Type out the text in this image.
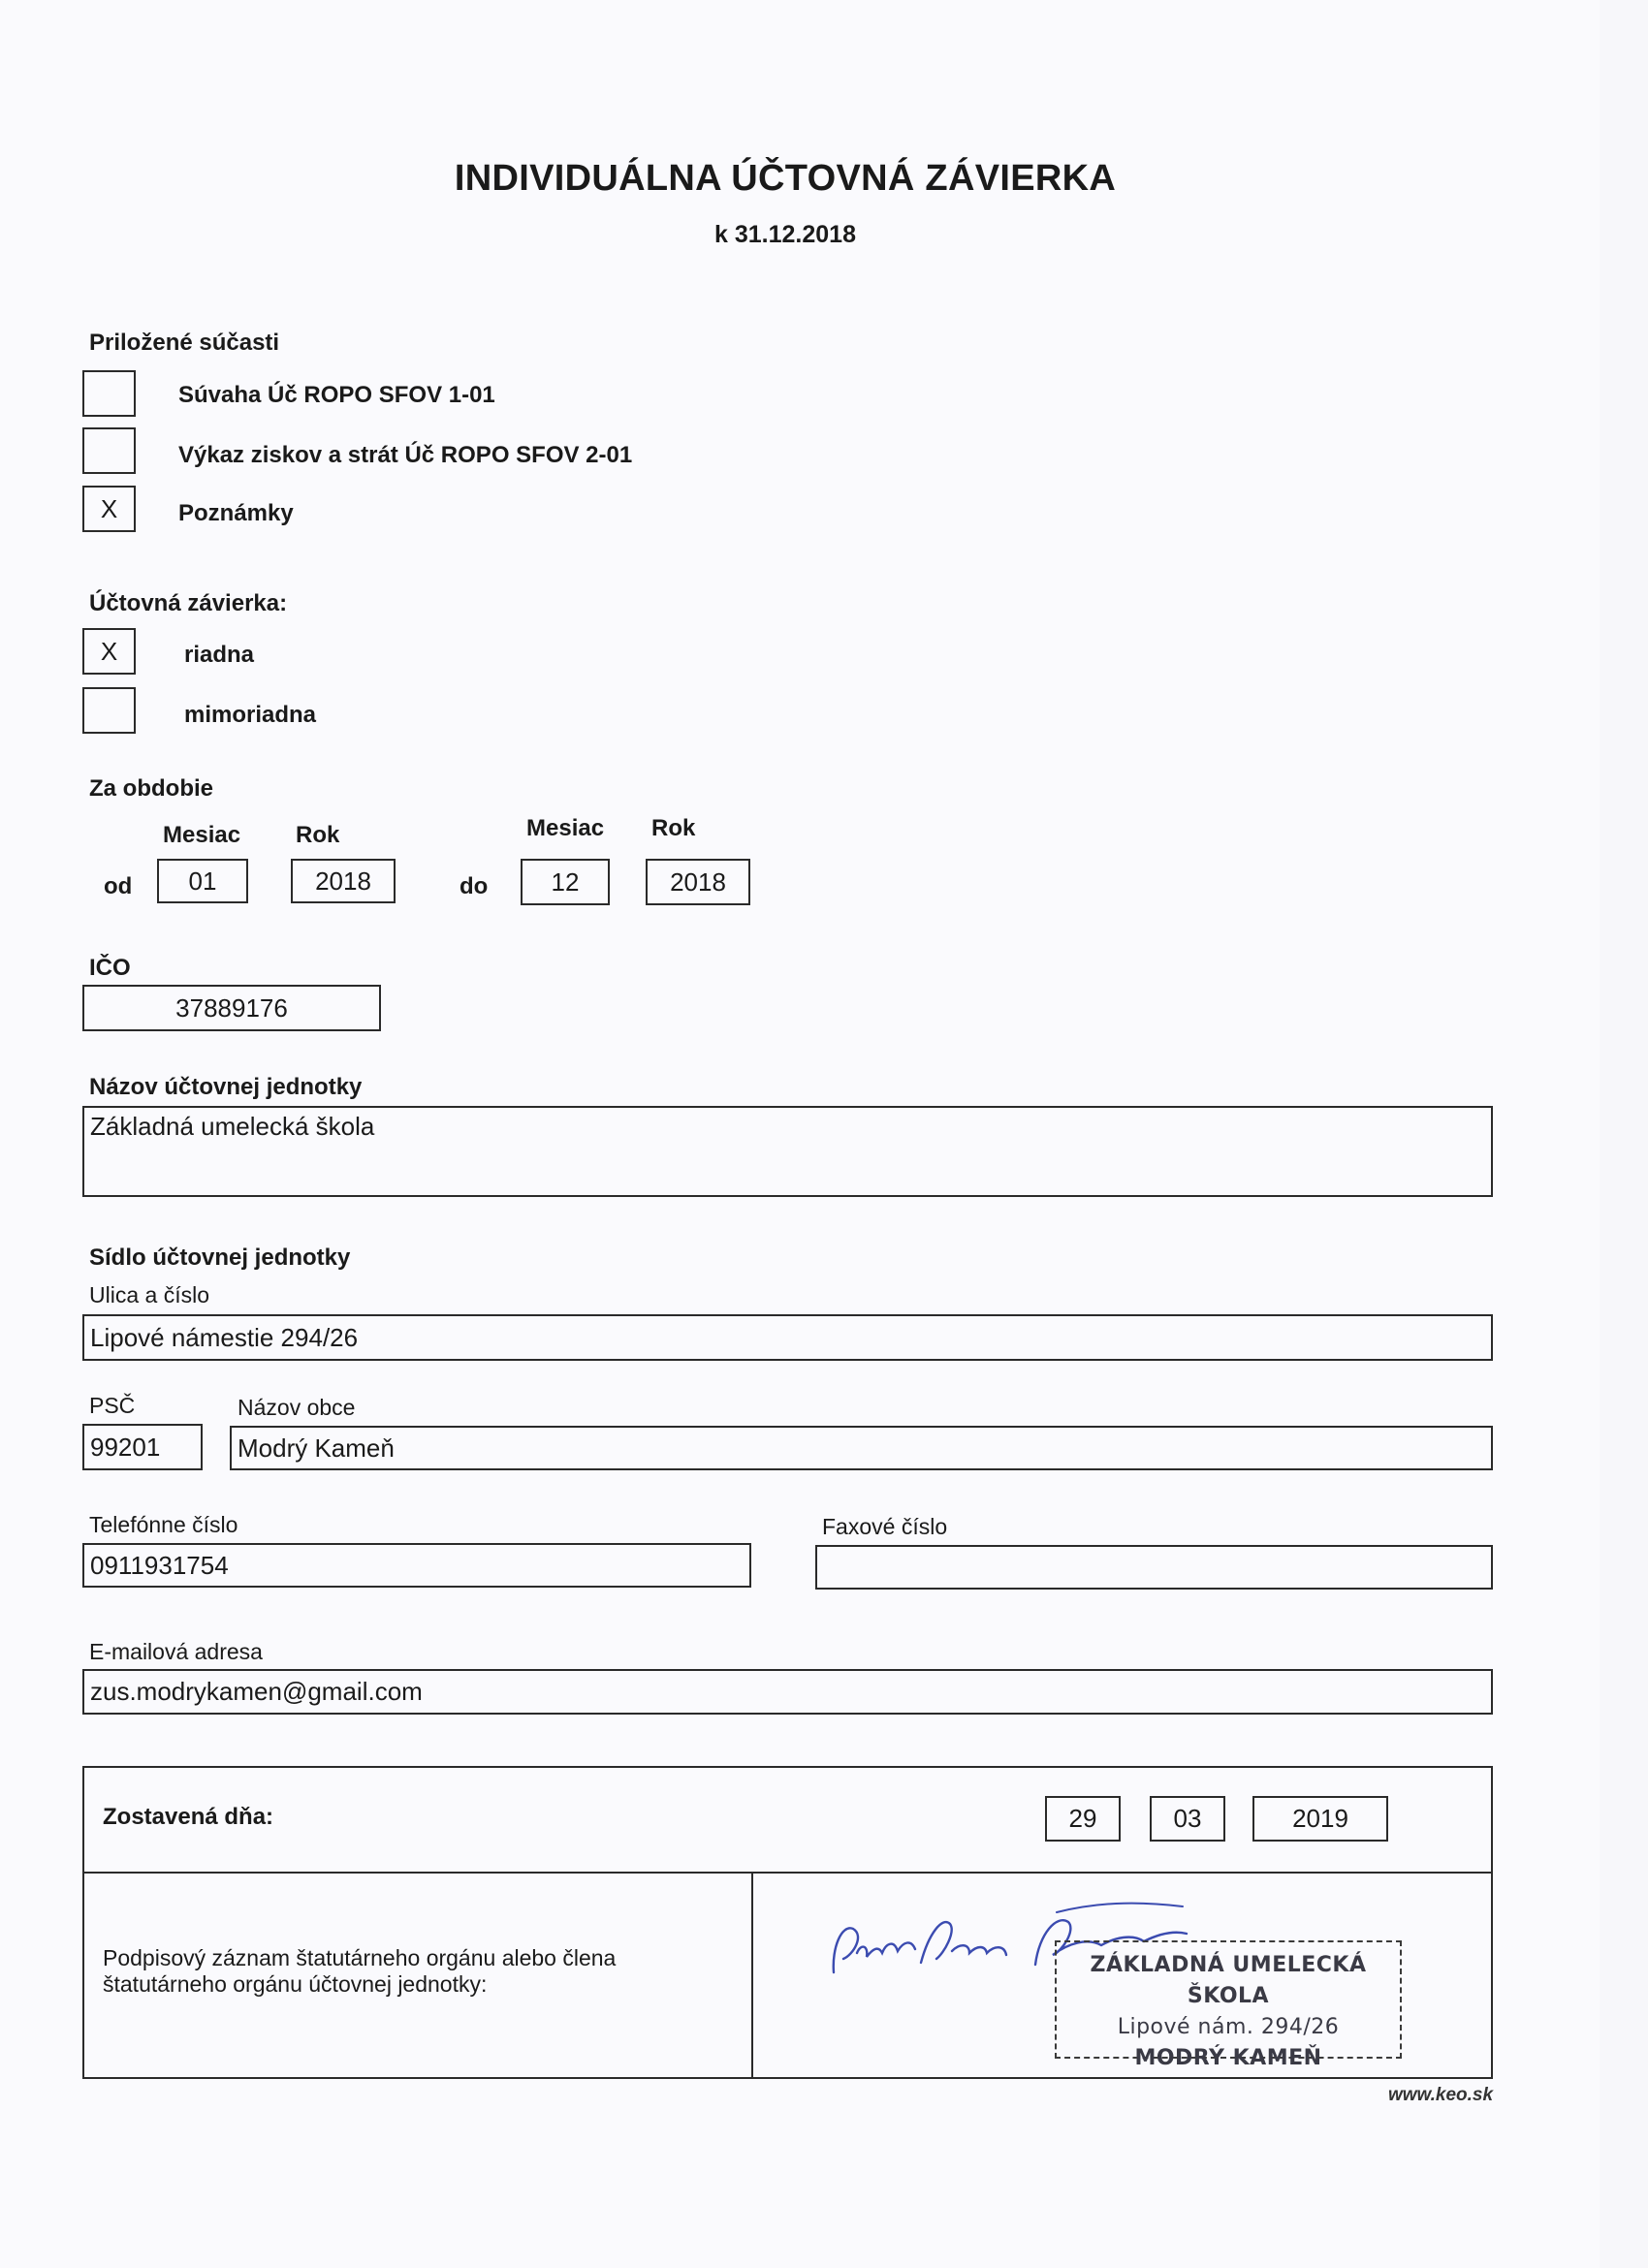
INDIVIDUÁLNA ÚČTOVNÁ ZÁVIERKA
k 31.12.2018
Priložené súčasti
Súvaha Úč ROPO SFOV 1-01
Výkaz ziskov a strát Úč ROPO SFOV 2-01
X	Poznámky
Účtovná závierka:
X	riadna
mimoriadna
Za obdobie
Mesiac Rok	Mesiac Rok
od	01	2018	do	12	2018
IČO
37889176
Názov účtovnej jednotky
Základná umelecká škola
Sídlo účtovnej jednotky
Ulica a číslo
Lipové námestie 294/26
PSČ	Názov obce
99201	Modrý Kameň
Telefónne číslo
0911931754
Faxové číslo
E-mailová adresa
zus.modrykamen@gmail.com
Zostavená dňa:	29	03	2019
Podpisový záznam štatutárneho orgánu alebo člena
štatutárneho orgánu účtovnej jednotky:
ZÁKLADNÁ UMELECKÁ ŠKOLA
Lipové nám. 294/26
MODRÝ KAMEŇ
www.keo.sk
